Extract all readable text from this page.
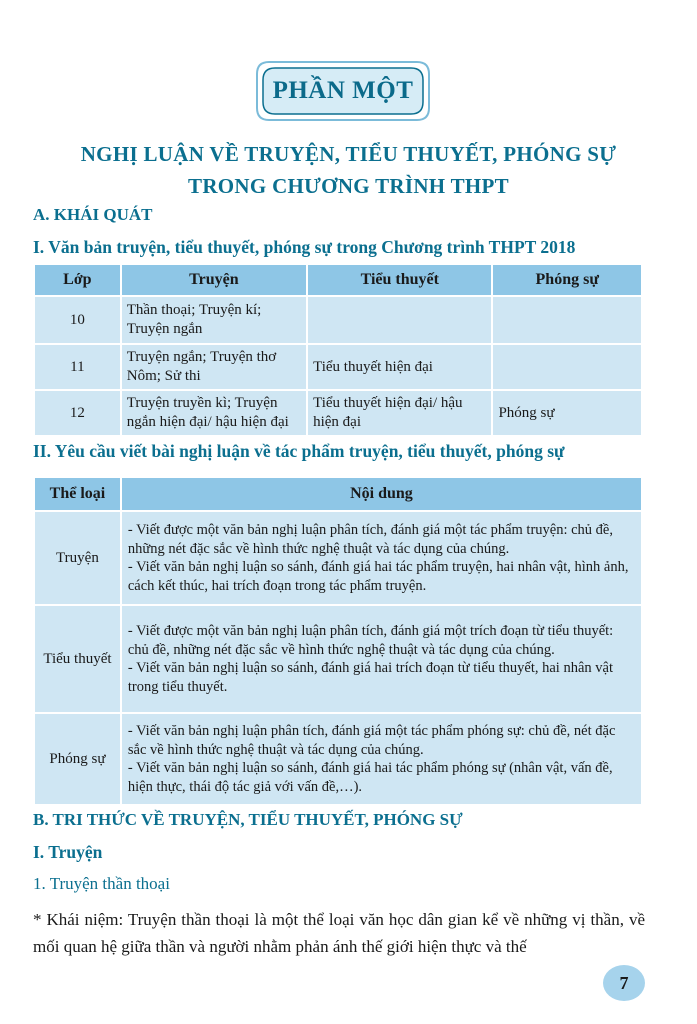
PHẦN MỘT
NGHỊ LUẬN VỀ TRUYỆN, TIỂU THUYẾT, PHÓNG SỰ
TRONG CHƯƠNG TRÌNH THPT
A. KHÁI QUÁT
I. Văn bản truyện, tiểu thuyết, phóng sự trong Chương trình THPT 2018
Lớp	Truyện	Tiểu thuyết	Phóng sự
10	Thần thoại; Truyện kí; Truyện ngắn		
11	Truyện ngắn; Truyện thơ Nôm; Sử thi	Tiểu thuyết hiện đại	
12	Truyện truyền kì; Truyện ngắn hiện đại/ hậu hiện đại	Tiểu thuyết hiện đại/ hậu hiện đại	Phóng sự
II. Yêu cầu viết bài nghị luận về tác phẩm truyện, tiểu thuyết, phóng sự
Thể loại	Nội dung
Truyện	- Viết được một văn bản nghị luận phân tích, đánh giá một tác phẩm truyện: chủ đề, những nét đặc sắc về hình thức nghệ thuật và tác dụng của chúng.

- Viết văn bản nghị luận so sánh, đánh giá hai tác phẩm truyện, hai nhân vật, hình ảnh, cách kết thúc, hai trích đoạn trong tác phẩm truyện.

Tiểu thuyết	- Viết được một văn bản nghị luận phân tích, đánh giá một trích đoạn từ tiểu thuyết: chủ đề, những nét đặc sắc về hình thức nghệ thuật và tác dụng của chúng.

- Viết văn bản nghị luận so sánh, đánh giá hai trích đoạn từ tiểu thuyết, hai nhân vật trong tiểu thuyết.

Phóng sự	- Viết văn bản nghị luận phân tích, đánh giá một tác phẩm phóng sự: chủ đề, nét đặc sắc về hình thức nghệ thuật và tác dụng của chúng.

- Viết văn bản nghị luận so sánh, đánh giá hai tác phẩm phóng sự (nhân vật, vấn đề, hiện thực, thái độ tác giả với vấn đề,…).

B. TRI THỨC VỀ TRUYỆN, TIỂU THUYẾT, PHÓNG SỰ
I. Truyện
1. Truyện thần thoại
* Khái niệm: Truyện thần thoại là một thể loại văn học dân gian kể về những vị thần, về mối quan hệ giữa thần và người nhằm phản ánh thế giới hiện thực và thế
7
